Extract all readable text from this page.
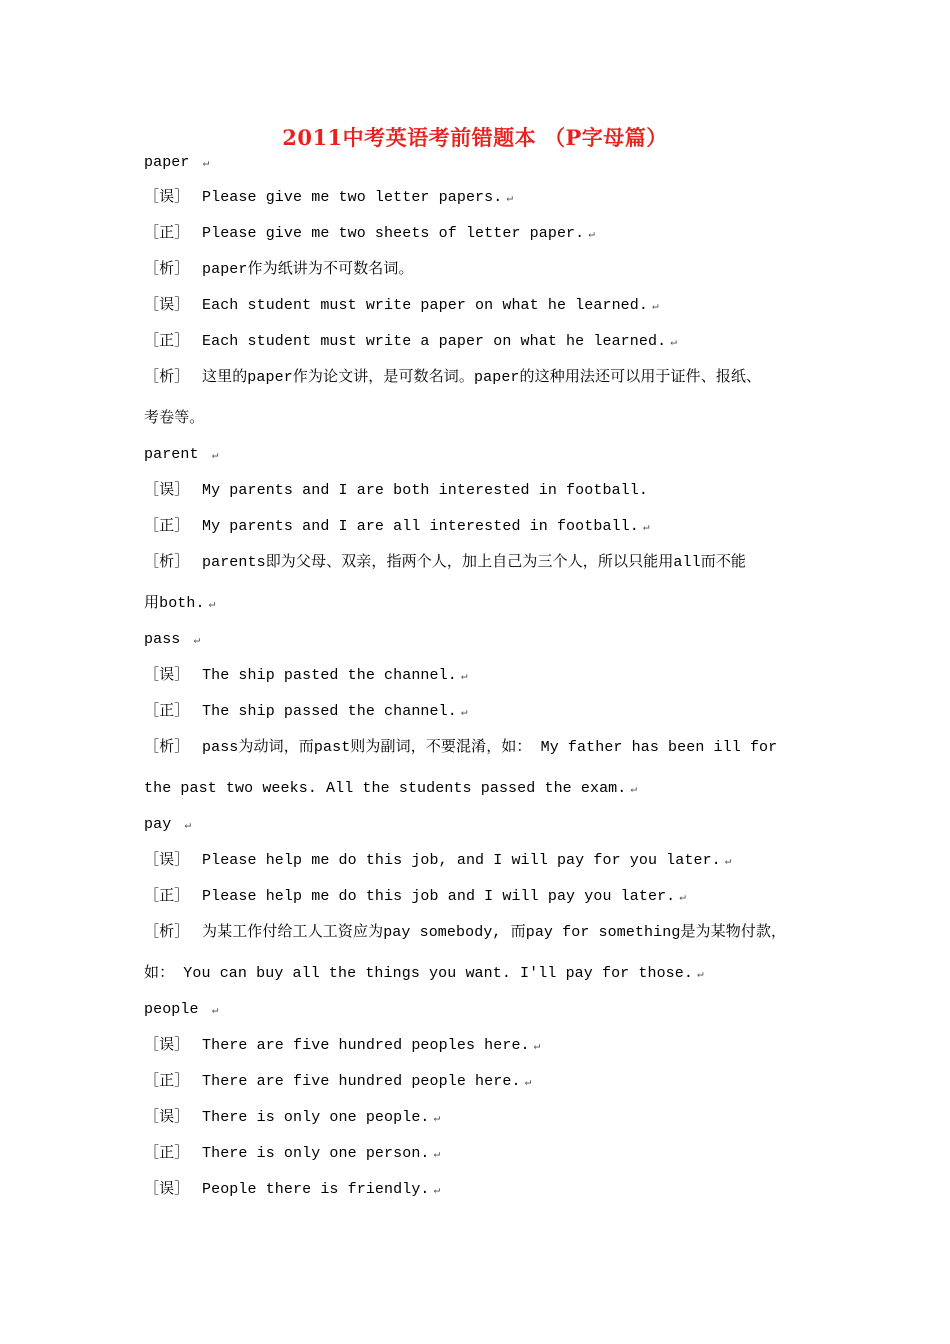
2011中考英语考前错题本 （P字母篇）
paper ↵
［误］ Please give me two letter papers. ↵
［正］ Please give me two sheets of letter paper. ↵
［析］ paper作为纸讲为不可数名词。
［误］ Each student must write paper on what he learned. ↵
［正］ Each student must write a paper on what he learned. ↵
［析］ 这里的paper作为论文讲，是可数名词。paper的这种用法还可以用于证件、报纸、
考卷等。
parent ↵
［误］ My parents and I are both interested in football.
［正］ My parents and I are all interested in football. ↵
［析］ parents即为父母、双亲，指两个人，加上自己为三个人，所以只能用all而不能
用both. ↵
pass ↵
［误］ The ship pasted the channel. ↵
［正］ The ship passed the channel. ↵
［析］ pass为动词，而past则为副词，不要混淆，如： My father has been ill for
the past two weeks. All the students passed the exam. ↵
pay ↵
［误］ Please help me do this job, and I will pay for you later. ↵
［正］ Please help me do this job and I will pay you later. ↵
［析］ 为某工作付给工人工资应为pay somebody, 而pay for something是为某物付款，
如： You can buy all the things you want. I'll pay for those. ↵
people ↵
［误］ There are five hundred peoples here. ↵
［正］ There are five hundred people here. ↵
［误］ There is only one people. ↵
［正］ There is only one person. ↵
［误］ People there is friendly. ↵
